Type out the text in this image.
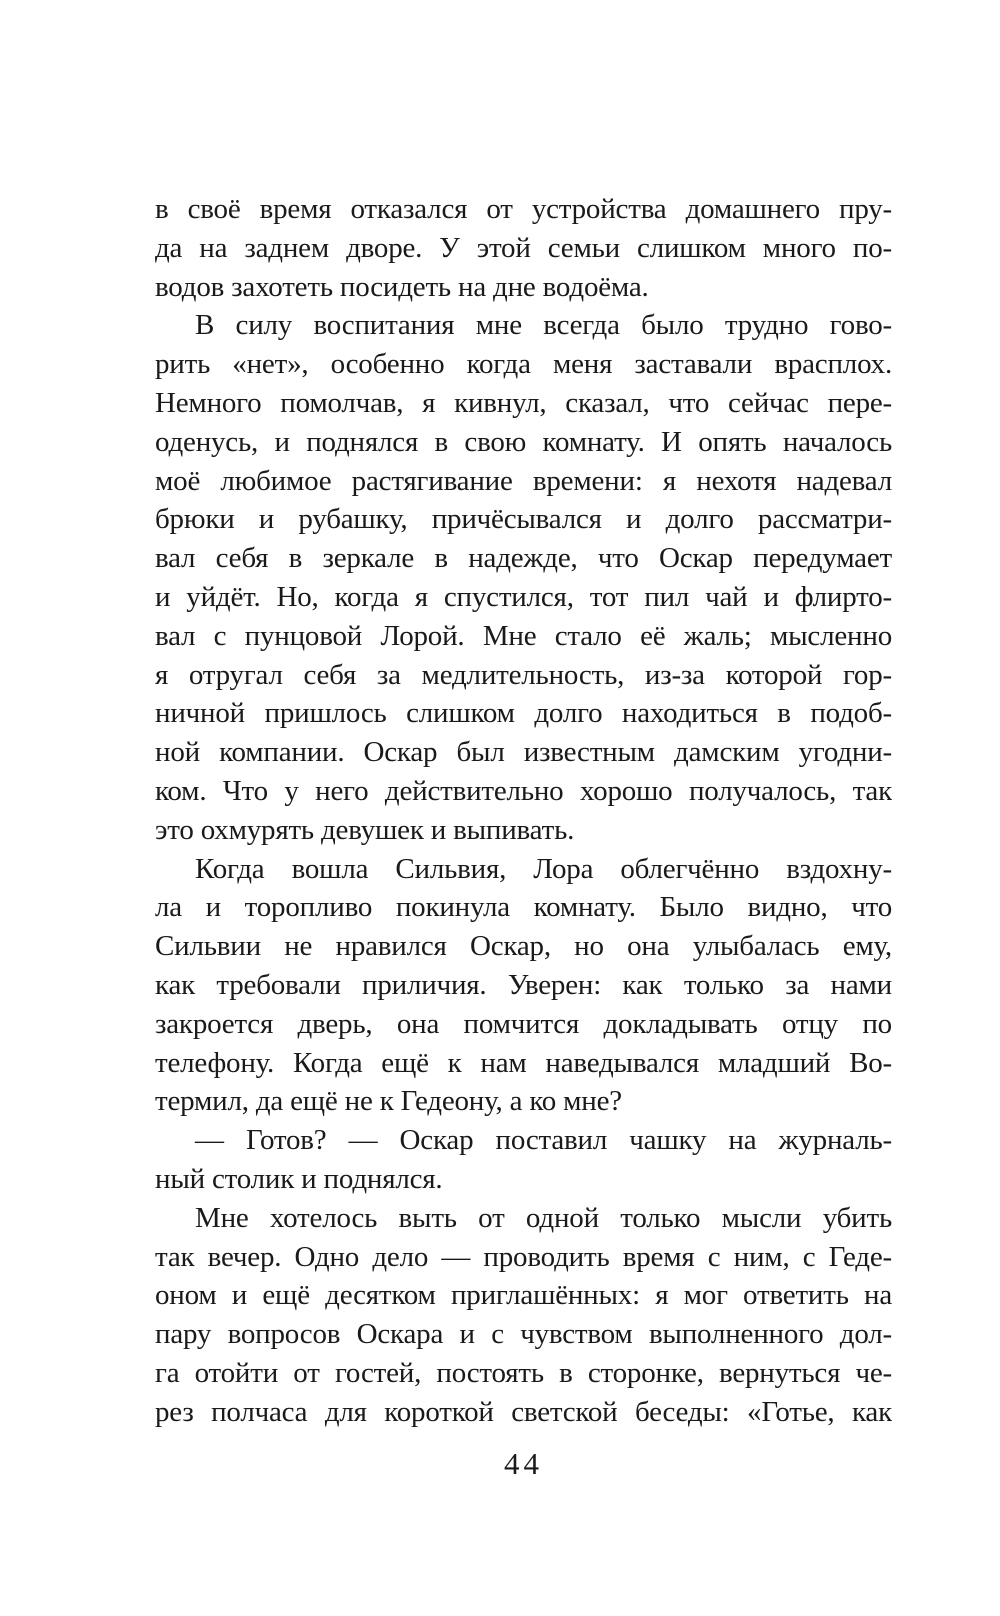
в своё время отказался от устройства домашнего пру-
да на заднем дворе. У этой семьи слишком много по-
водов захотеть посидеть на дне водоёма.
В силу воспитания мне всегда было трудно гово-
рить «нет», особенно когда меня заставали врасплох.
Немного помолчав, я кивнул, сказал, что сейчас пере-
оденусь, и поднялся в свою комнату. И опять началось
моё любимое растягивание времени: я нехотя надевал
брюки и рубашку, причёсывался и долго рассматри-
вал себя в зеркале в надежде, что Оскар передумает
и уйдёт. Но, когда я спустился, тот пил чай и флирто-
вал с пунцовой Лорой. Мне стало её жаль; мысленно
я отругал себя за медлительность, из-за которой гор-
ничной пришлось слишком долго находиться в подоб-
ной компании. Оскар был известным дамским угодни-
ком. Что у него действительно хорошо получалось, так
это охмурять девушек и выпивать.
Когда вошла Сильвия, Лора облегчённо вздохну-
ла и торопливо покинула комнату. Было видно, что
Сильвии не нравился Оскар, но она улыбалась ему,
как требовали приличия. Уверен: как только за нами
закроется дверь, она помчится докладывать отцу по
телефону. Когда ещё к нам наведывался младший Во-
термил, да ещё не к Гедеону, а ко мне?
— Готов? — Оскар поставил чашку на журналь-
ный столик и поднялся.
Мне хотелось выть от одной только мысли убить
так вечер. Одно дело — проводить время с ним, с Геде-
оном и ещё десятком приглашённых: я мог ответить на
пару вопросов Оскара и с чувством выполненного дол-
га отойти от гостей, постоять в сторонке, вернуться че-
рез полчаса для короткой светской беседы: «Готье, как
44
